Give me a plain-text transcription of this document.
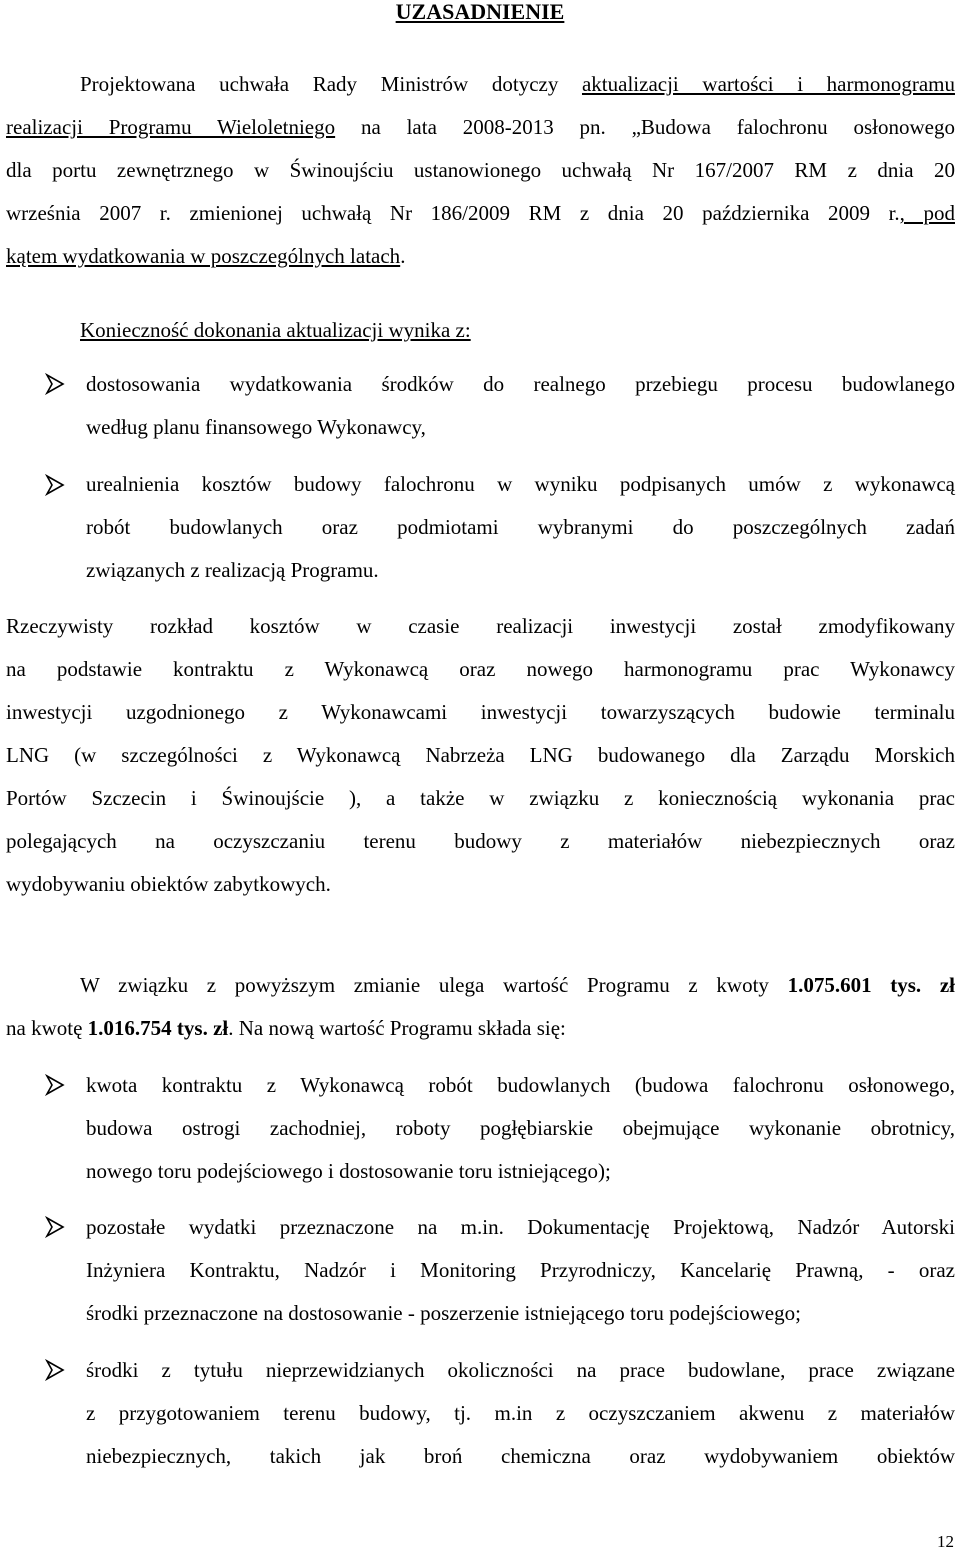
UZASADNIENIE
Projektowana uchwała Rady Ministrów dotyczy aktualizacji wartości i harmonogramu
realizacji Programu Wieloletniego na lata 2008-2013 pn. „Budowa falochronu osłonowego
dla portu zewnętrznego w Świnoujściu ustanowionego uchwałą Nr 167/2007 RM z dnia 20
września 2007 r. zmienionej uchwałą Nr 186/2009 RM z dnia 20 października 2009 r., pod
kątem wydatkowania w poszczególnych latach.
Konieczność dokonania aktualizacji wynika z:
dostosowania wydatkowania środków do realnego przebiegu procesu budowlanego
według planu finansowego Wykonawcy,
urealnienia kosztów budowy falochronu w wyniku podpisanych umów z wykonawcą
robót budowlanych oraz podmiotami wybranymi do poszczególnych zadań
związanych z realizacją Programu.
Rzeczywisty rozkład kosztów w czasie realizacji inwestycji został zmodyfikowany
na podstawie kontraktu z Wykonawcą oraz nowego harmonogramu prac Wykonawcy
inwestycji uzgodnionego z Wykonawcami inwestycji towarzyszących budowie terminalu
LNG (w szczególności z Wykonawcą Nabrzeża LNG budowanego dla Zarządu Morskich
Portów Szczecin i Świnoujście ), a także w związku z koniecznością wykonania prac
polegających na oczyszczaniu terenu budowy z materiałów niebezpiecznych oraz
wydobywaniu obiektów zabytkowych.
W związku z powyższym zmianie ulega wartość Programu z kwoty 1.075.601 tys. zł
na kwotę 1.016.754 tys. zł. Na nową wartość Programu składa się:
kwota kontraktu z Wykonawcą robót budowlanych (budowa falochronu osłonowego,
budowa ostrogi zachodniej, roboty pogłębiarskie obejmujące wykonanie obrotnicy,
nowego toru podejściowego i dostosowanie toru istniejącego);
pozostałe wydatki przeznaczone na m.in. Dokumentację Projektową, Nadzór Autorski
Inżyniera Kontraktu, Nadzór i Monitoring Przyrodniczy, Kancelarię Prawną, - oraz
środki przeznaczone na dostosowanie - poszerzenie istniejącego toru podejściowego;
środki z tytułu nieprzewidzianych okoliczności na prace budowlane, prace związane
z przygotowaniem terenu budowy, tj. m.in z oczyszczaniem akwenu z materiałów
niebezpiecznych, takich jak broń chemiczna oraz wydobywaniem obiektów
12
